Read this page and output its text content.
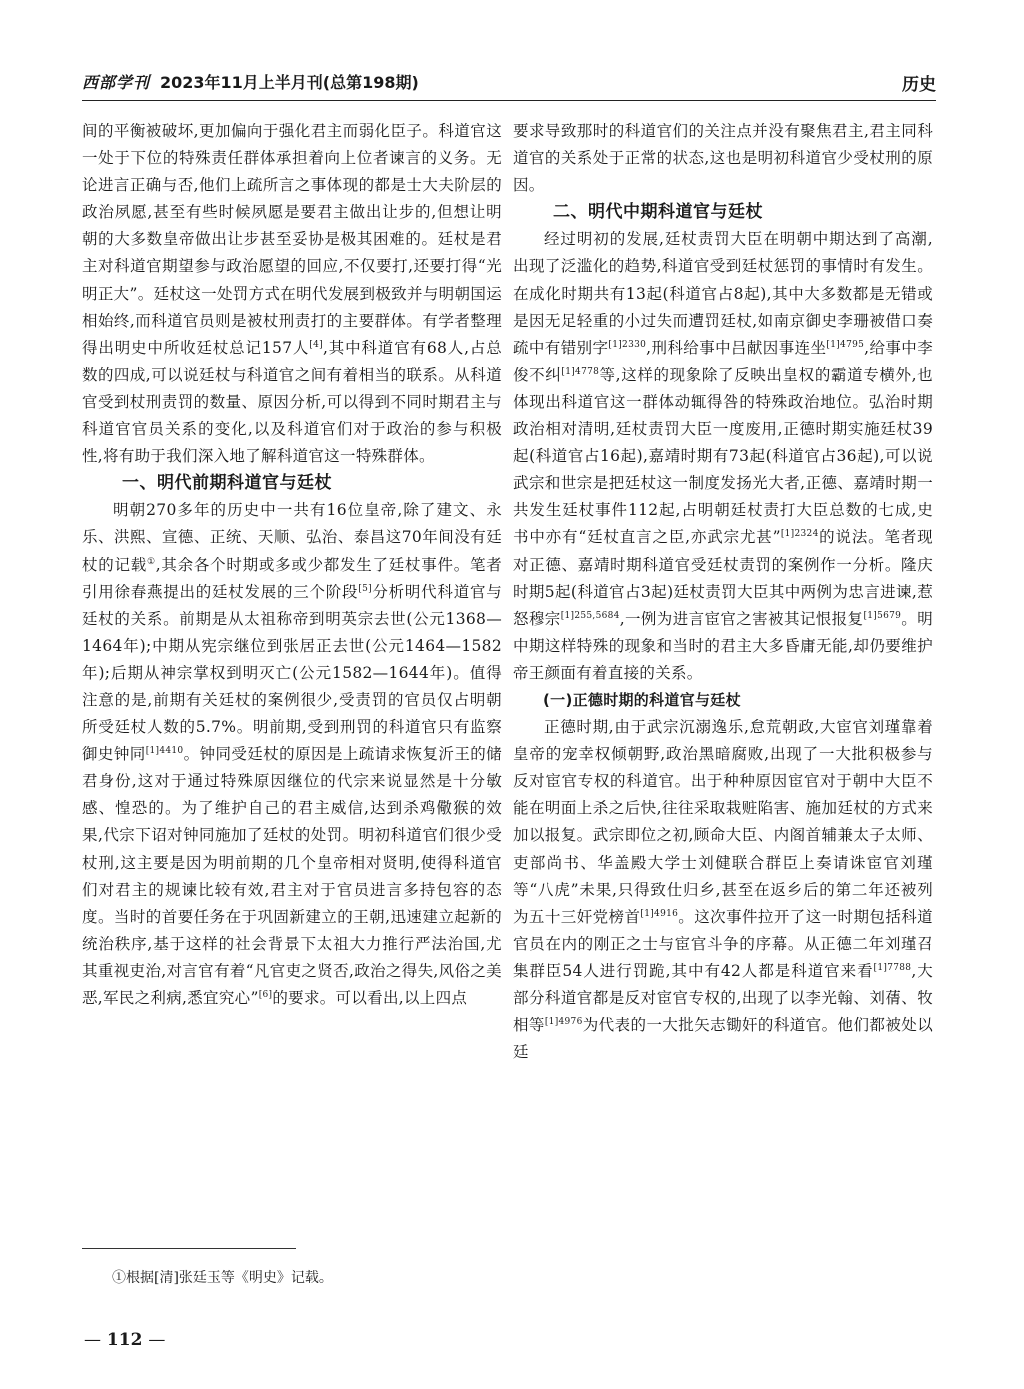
西部学刊 2023年11月上半月刊(总第198期)	历史

间的平衡被破坏,更加偏向于强化君主而弱化臣子。科道官这一处于下位的特殊责任群体承担着向上位者谏言的义务。无论进言正确与否,他们上疏所言之事体现的都是士大夫阶层的政治夙愿,甚至有些时候夙愿是要君主做出让步的,但想让明朝的大多数皇帝做出让步甚至妥协是极其困难的。廷杖是君主对科道官期望参与政治愿望的回应,不仅要打,还要打得“光明正大”。廷杖这一处罚方式在明代发展到极致并与明朝国运相始终,而科道官员则是被杖刑责打的主要群体。有学者整理得出明史中所收廷杖总记157人[4],其中科道官有68人,占总数的四成,可以说廷杖与科道官之间有着相当的联系。从科道官受到杖刑责罚的数量、原因分析,可以得到不同时期君主与科道官官员关系的变化,以及科道官们对于政治的参与积极性,将有助于我们深入地了解科道官这一特殊群体。

一、明代前期科道官与廷杖

明朝270多年的历史中一共有16位皇帝,除了建文、永乐、洪熙、宣德、正统、天顺、弘治、泰昌这70年间没有廷杖的记载①,其余各个时期或多或少都发生了廷杖事件。笔者引用徐春燕提出的廷杖发展的三个阶段[5]分析明代科道官与廷杖的关系。前期是从太祖称帝到明英宗去世(公元1368—1464年);中期从宪宗继位到张居正去世(公元1464—1582年);后期从神宗掌权到明灭亡(公元1582—1644年)。值得注意的是,前期有关廷杖的案例很少,受责罚的官员仅占明朝所受廷杖人数的5.7%。明前期,受到刑罚的科道官只有监察御史钟同$^{[1]4410}$。钟同受廷杖的原因是上疏请求恢复沂王的储君身份,这对于通过特殊原因继位的代宗来说显然是十分敏感、惶恐的。为了维护自己的君主威信,达到杀鸡儆猴的效果,代宗下诏对钟同施加了廷杖的处罚。明初科道官们很少受杖刑,这主要是因为明前期的几个皇帝相对贤明,使得科道官们对君主的规谏比较有效,君主对于官员进言多持包容的态度。当时的首要任务在于巩固新建立的王朝,迅速建立起新的统治秩序,基于这样的社会背景下太祖大力推行严法治国,尤其重视吏治,对言官有着“凡官吏之贤否,政治之得失,风俗之美恶,军民之利病,悉宜究心”[6]的要求。可以看出,以上四点

要求导致那时的科道官们的关注点并没有聚焦君主,君主同科道官的关系处于正常的状态,这也是明初科道官少受杖刑的原因。

二、明代中期科道官与廷杖

经过明初的发展,廷杖责罚大臣在明朝中期达到了高潮,出现了泛滥化的趋势,科道官受到廷杖惩罚的事情时有发生。在成化时期共有13起(科道官占8起),其中大多数都是无错或是因无足轻重的小过失而遭罚廷杖,如南京御史李珊被借口奏疏中有错别字$^{[1]2330}$,刑科给事中吕献因事连坐$^{[1]4795}$,给事中李俊不纠$^{[1]4778}$等,这样的现象除了反映出皇权的霸道专横外,也体现出科道官这一群体动辄得咎的特殊政治地位。弘治时期政治相对清明,廷杖责罚大臣一度废用,正德时期实施廷杖39起(科道官占16起),嘉靖时期有73起(科道官占36起),可以说武宗和世宗是把廷杖这一制度发扬光大者,正德、嘉靖时期一共发生廷杖事件112起,占明朝廷杖责打大臣总数的七成,史书中亦有“廷杖直言之臣,亦武宗尤甚”$^{[1]2324}$的说法。笔者现对正德、嘉靖时期科道官受廷杖责罚的案例作一分析。隆庆时期5起(科道官占3起)廷杖责罚大臣其中两例为忠言进谏,惹怒穆宗$^{[1]255,5684}$,一例为进言宦官之害被其记恨报复$^{[1]5679}$。明中期这样特殊的现象和当时的君主大多昏庸无能,却仍要维护帝王颜面有着直接的关系。

(一)正德时期的科道官与廷杖

正德时期,由于武宗沉溺逸乐,怠荒朝政,大宦官刘瑾靠着皇帝的宠幸权倾朝野,政治黑暗腐败,出现了一大批积极参与反对宦官专权的科道官。出于种种原因宦官对于朝中大臣不能在明面上杀之后快,往往采取栽赃陷害、施加廷杖的方式来加以报复。武宗即位之初,顾命大臣、内阁首辅兼太子太师、吏部尚书、华盖殿大学士刘健联合群臣上奏请诛宦官刘瑾等“八虎”未果,只得致仕归乡,甚至在返乡后的第二年还被列为五十三奸党榜首$^{[1]4916}$。这次事件拉开了这一时期包括科道官员在内的刚正之士与宦官斗争的序幕。从正德二年刘瑾召集群臣54人进行罚跪,其中有42人都是科道官来看$^{[1]7788}$,大部分科道官都是反对宦官专权的,出现了以李光翰、刘蒨、牧相等$^{[1]4976}$为代表的一大批矢志锄奸的科道官。他们都被处以廷

①根据[清]张廷玉等《明史》记载。
— 112 —
